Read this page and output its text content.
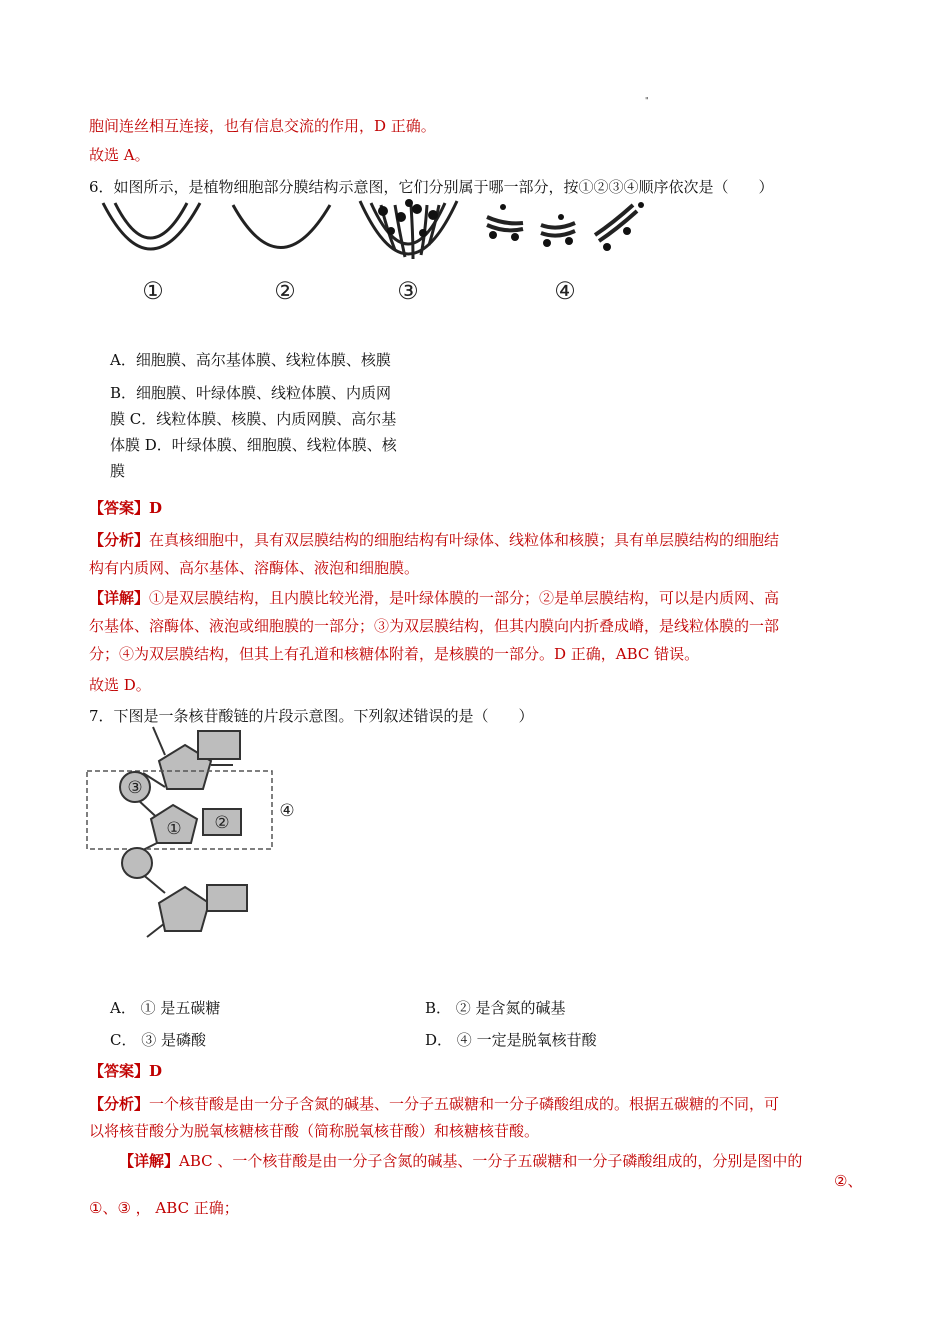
"
胞间连丝相互连接，也有信息交流的作用，D 正确。
故选 A。
6．如图所示，是植物细胞部分膜结构示意图，它们分别属于哪一部分，按①②③④顺序依次是（　　）
①	②	③	④
A．细胞膜、高尔基体膜、线粒体膜、核膜
B．细胞膜、叶绿体膜、线粒体膜、内质网
膜 C．线粒体膜、核膜、内质网膜、高尔基
体膜 D．叶绿体膜、细胞膜、线粒体膜、核
膜
【答案】D
【分析】在真核细胞中，具有双层膜结构的细胞结构有叶绿体、线粒体和核膜；具有单层膜结构的细胞结
构有内质网、高尔基体、溶酶体、液泡和细胞膜。
【详解】①是双层膜结构，且内膜比较光滑，是叶绿体膜的一部分；②是单层膜结构，可以是内质网、高
尔基体、溶酶体、液泡或细胞膜的一部分；③为双层膜结构，但其内膜向内折叠成嵴，是线粒体膜的一部
分；④为双层膜结构，但其上有孔道和核糖体附着，是核膜的一部分。D 正确，ABC 错误。
故选 D。
7．下图是一条核苷酸链的片段示意图。下列叙述错误的是（　　）
③
① ②
④
A． ① 是五碳糖	B． ② 是含氮的碱基
C． ③ 是磷酸	D． ④ 一定是脱氧核苷酸
【答案】D
【分析】一个核苷酸是由一分子含氮的碱基、一分子五碳糖和一分子磷酸组成的。根据五碳糖的不同，可
以将核苷酸分为脱氧核糖核苷酸（简称脱氧核苷酸）和核糖核苷酸。
【详解】ABC 、一个核苷酸是由一分子含氮的碱基、一分子五碳糖和一分子磷酸组成的，分别是图中的
②、
①、③ ， ABC 正确；
